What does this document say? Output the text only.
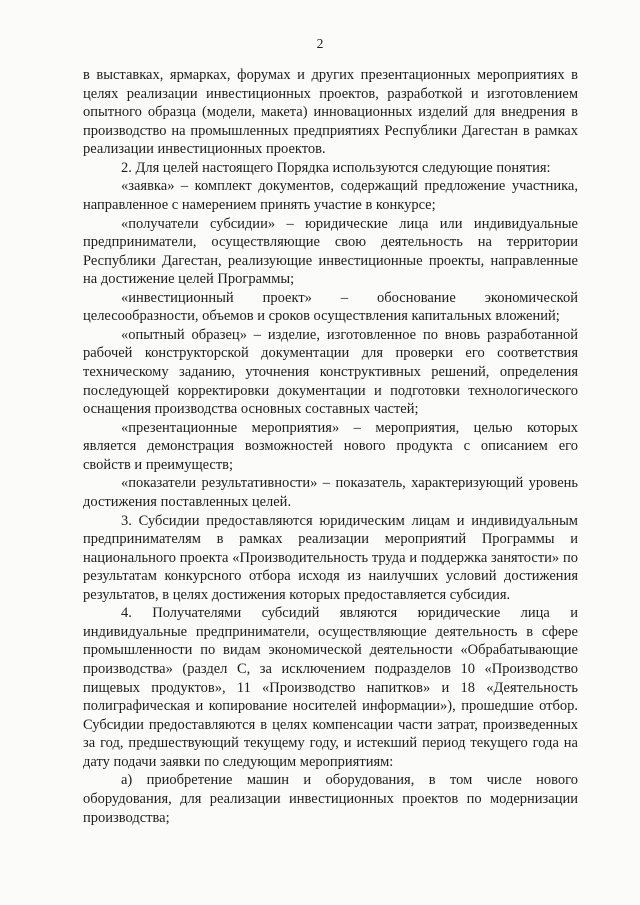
2

в выставках, ярмарках, форумах и других презентационных мероприятиях в целях реализации инвестиционных проектов, разработкой и изготовлением опытного образца (модели, макета) инновационных изделий для внедрения в производство на промышленных предприятиях Республики Дагестан в рамках реализации инвестиционных проектов.

2. Для целей настоящего Порядка используются следующие понятия:

«заявка» – комплект документов, содержащий предложение участника, направленное с намерением принять участие в конкурсе;

«получатели субсидии» – юридические лица или индивидуальные предприниматели, осуществляющие свою деятельность на территории Республики Дагестан, реализующие инвестиционные проекты, направленные на достижение целей Программы;

«инвестиционный проект» – обоснование экономической целесообразности, объемов и сроков осуществления капитальных вложений;

«опытный образец» – изделие, изготовленное по вновь разработанной рабочей конструкторской документации для проверки его соответствия техническому заданию, уточнения конструктивных решений, определения последующей корректировки документации и подготовки технологического оснащения производства основных составных частей;

«презентационные мероприятия» – мероприятия, целью которых является демонстрация возможностей нового продукта с описанием его свойств и преимуществ;

«показатели результативности» – показатель, характеризующий уровень достижения поставленных целей.

3. Субсидии предоставляются юридическим лицам и индивидуальным предпринимателям в рамках реализации мероприятий Программы и национального проекта «Производительность труда и поддержка занятости» по результатам конкурсного отбора исходя из наилучших условий достижения результатов, в целях достижения которых предоставляется субсидия.

4. Получателями субсидий являются юридические лица и индивидуальные предприниматели, осуществляющие деятельность в сфере промышленности по видам экономической деятельности «Обрабатывающие производства» (раздел С, за исключением подразделов 10 «Производство пищевых продуктов», 11 «Производство напитков» и 18 «Деятельность полиграфическая и копирование носителей информации»), прошедшие отбор. Субсидии предоставляются в целях компенсации части затрат, произведенных за год, предшествующий текущему году, и истекший период текущего года на дату подачи заявки по следующим мероприятиям:

а) приобретение машин и оборудования, в том числе нового оборудования, для реализации инвестиционных проектов по модернизации производства;
